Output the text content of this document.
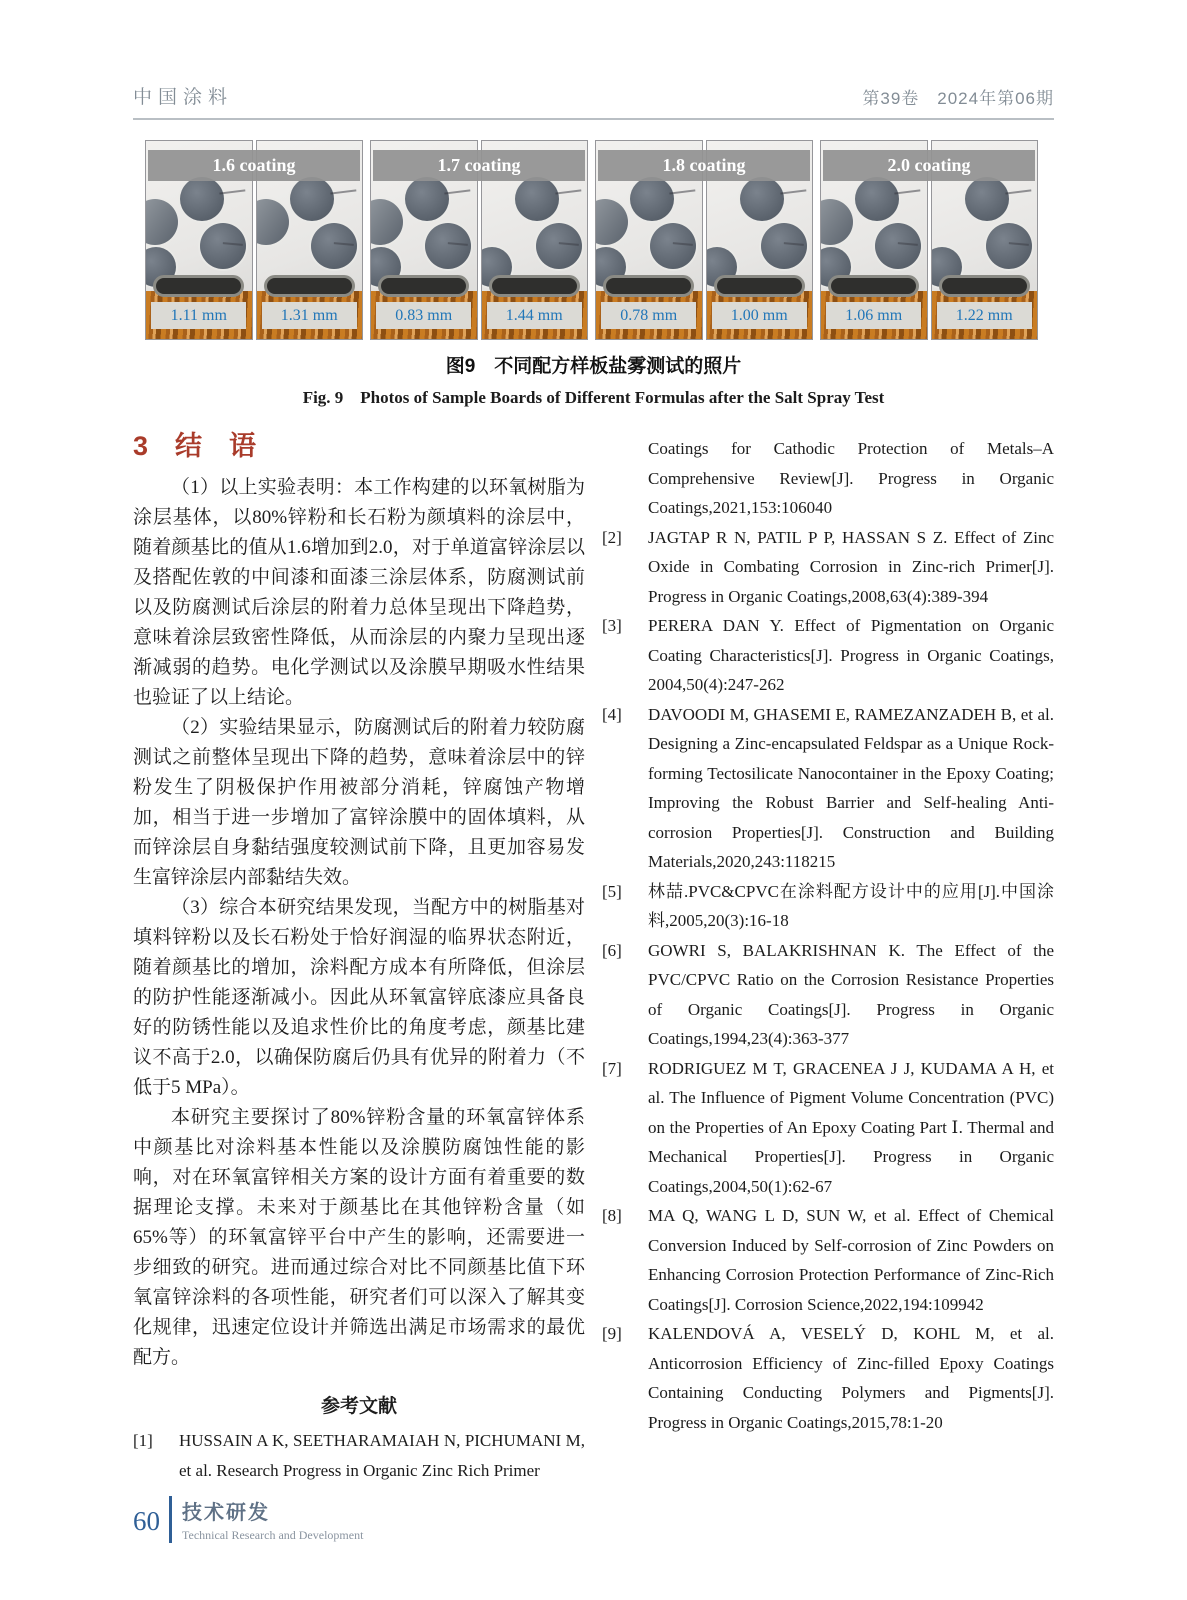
中国涂料	第39卷　2024年第06期
1.6 coating
1.11 mm	1.31 mm
1.7 coating
0.83 mm	1.44 mm
1.8 coating
0.78 mm	1.00 mm
2.0 coating
1.06 mm	1.22 mm
图9　不同配方样板盐雾测试的照片
Fig. 9　Photos of Sample Boards of Different Formulas after the Salt Spray Test
3　结　语

（1）以上实验表明：本工作构建的以环氧树脂为涂层基体，以80%锌粉和长石粉为颜填料的涂层中，随着颜基比的值从1.6增加到2.0，对于单道富锌涂层以及搭配佐敦的中间漆和面漆三涂层体系，防腐测试前以及防腐测试后涂层的附着力总体呈现出下降趋势，意味着涂层致密性降低，从而涂层的内聚力呈现出逐渐减弱的趋势。电化学测试以及涂膜早期吸水性结果也验证了以上结论。

（2）实验结果显示，防腐测试后的附着力较防腐测试之前整体呈现出下降的趋势，意味着涂层中的锌粉发生了阴极保护作用被部分消耗，锌腐蚀产物增加，相当于进一步增加了富锌涂膜中的固体填料，从而锌涂层自身黏结强度较测试前下降，且更加容易发生富锌涂层内部黏结失效。

（3）综合本研究结果发现，当配方中的树脂基对填料锌粉以及长石粉处于恰好润湿的临界状态附近，随着颜基比的增加，涂料配方成本有所降低，但涂层的防护性能逐渐减小。因此从环氧富锌底漆应具备良好的防锈性能以及追求性价比的角度考虑，颜基比建议不高于2.0，以确保防腐后仍具有优异的附着力（不低于5 MPa）。

本研究主要探讨了80%锌粉含量的环氧富锌体系中颜基比对涂料基本性能以及涂膜防腐蚀性能的影响，对在环氧富锌相关方案的设计方面有着重要的数据理论支撑。未来对于颜基比在其他锌粉含量（如65%等）的环氧富锌平台中产生的影响，还需要进一步细致的研究。进而通过综合对比不同颜基比值下环氧富锌涂料的各项性能，研究者们可以深入了解其变化规律，迅速定位设计并筛选出满足市场需求的最优配方。

参考文献
[1]	HUSSAIN A K, SEETHARAMAIAH N, PICHUMANI M, et al. Research Progress in Organic Zinc Rich Primer
Coatings for Cathodic Protection of Metals–A Comprehensive Review[J]. Progress in Organic Coatings,2021,153:106040
[2]	JAGTAP R N, PATIL P P, HASSAN S Z. Effect of Zinc Oxide in Combating Corrosion in Zinc-rich Primer[J]. Progress in Organic Coatings,2008,63(4):389-394
[3]	PERERA DAN Y. Effect of Pigmentation on Organic Coating Characteristics[J]. Progress in Organic Coatings, 2004,50(4):247-262
[4]	DAVOODI M, GHASEMI E, RAMEZANZADEH B, et al. Designing a Zinc-encapsulated Feldspar as a Unique Rock-forming Tectosilicate Nanocontainer in the Epoxy Coating; Improving the Robust Barrier and Self-healing Anti-corrosion Properties[J]. Construction and Building Materials,2020,243:118215
[5]	林喆.PVC&CPVC在涂料配方设计中的应用[J].中国涂料,2005,20(3):16-18
[6]	GOWRI S, BALAKRISHNAN K. The Effect of the PVC/CPVC Ratio on the Corrosion Resistance Properties of Organic Coatings[J]. Progress in Organic Coatings,1994,23(4):363-377
[7]	RODRIGUEZ M T, GRACENEA J J, KUDAMA A H, et al. The Influence of Pigment Volume Concentration (PVC) on the Properties of An Epoxy Coating Part Ⅰ. Thermal and Mechanical Properties[J]. Progress in Organic Coatings,2004,50(1):62-67
[8]	MA Q, WANG L D, SUN W, et al. Effect of Chemical Conversion Induced by Self-corrosion of Zinc Powders on Enhancing Corrosion Protection Performance of Zinc-Rich Coatings[J]. Corrosion Science,2022,194:109942
[9]	KALENDOVÁ A, VESELÝ D, KOHL M, et al. Anticorrosion Efficiency of Zinc-filled Epoxy Coatings Containing Conducting Polymers and Pigments[J]. Progress in Organic Coatings,2015,78:1-20
60 技术研发
Technical Research and Development
